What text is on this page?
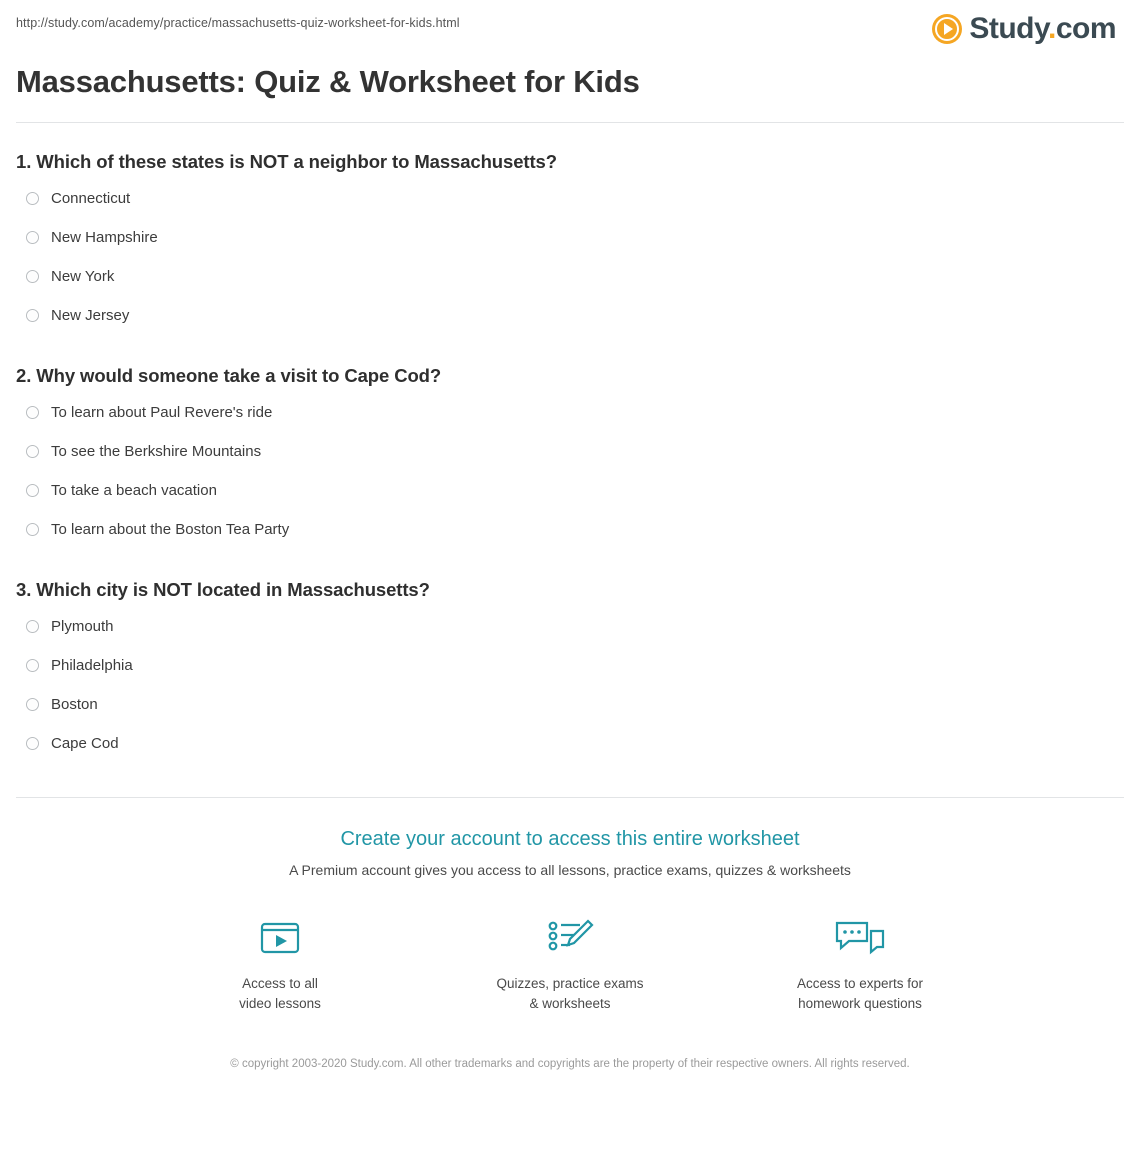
http://study.com/academy/practice/massachusetts-quiz-worksheet-for-kids.html	Study.com
Massachusetts: Quiz & Worksheet for Kids
1. Which of these states is NOT a neighbor to Massachusetts?
Connecticut
New Hampshire
New York
New Jersey
2. Why would someone take a visit to Cape Cod?
To learn about Paul Revere's ride
To see the Berkshire Mountains
To take a beach vacation
To learn about the Boston Tea Party
3. Which city is NOT located in Massachusetts?
Plymouth
Philadelphia
Boston
Cape Cod
Create your account to access this entire worksheet
A Premium account gives you access to all lessons, practice exams, quizzes & worksheets
Access to all
video lessons
Quizzes, practice exams
& worksheets
Access to experts for
homework questions
© copyright 2003-2020 Study.com. All other trademarks and copyrights are the property of their respective owners. All rights reserved.
